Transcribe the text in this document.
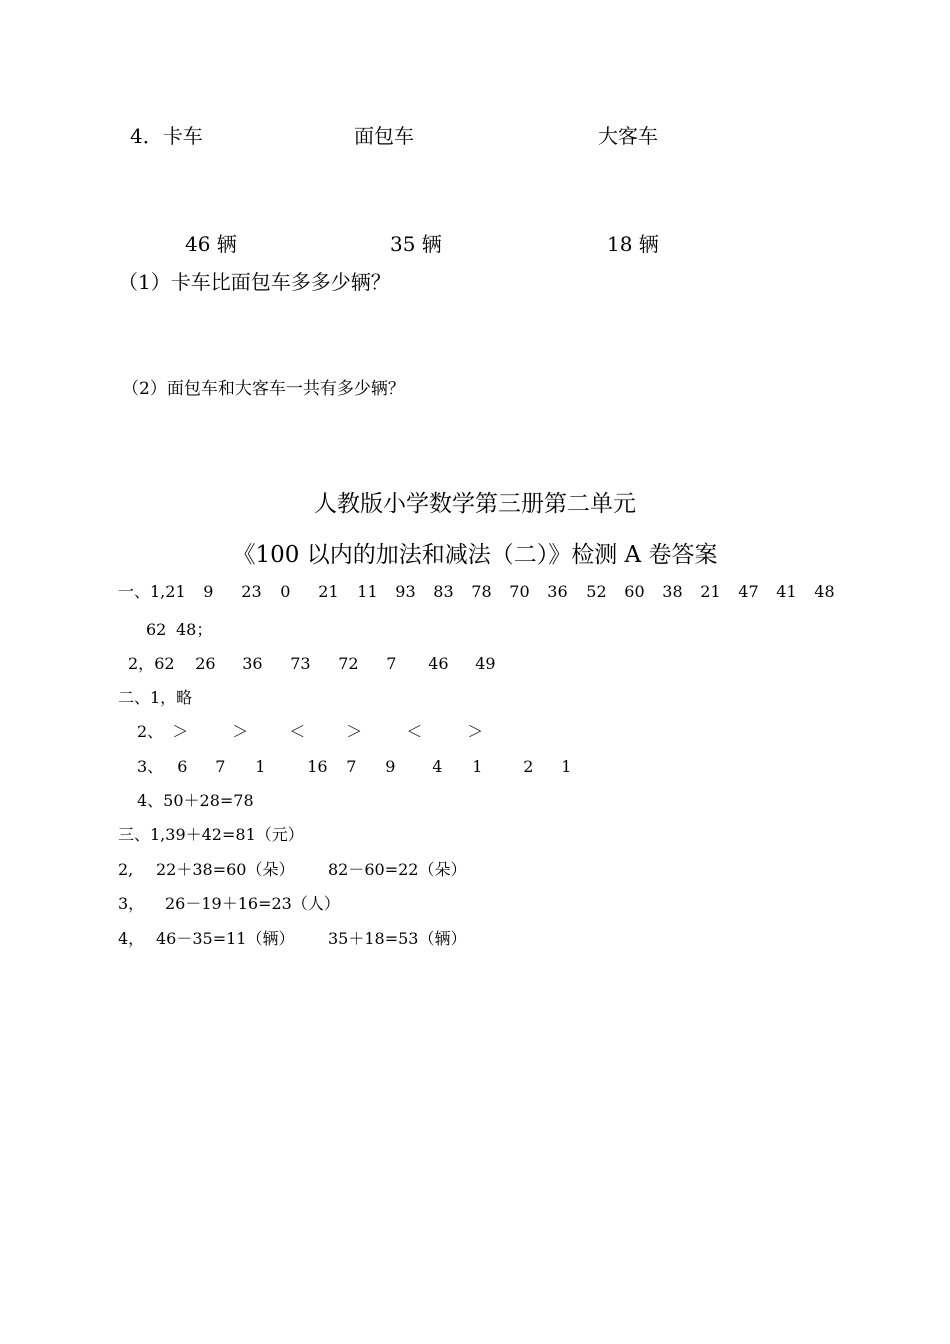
4．卡车	面包车	大客车
46 辆	35 辆	18 辆
（1）卡车比面包车多多少辆？
（2）面包车和大客车一共有多少辆？
人教版小学数学第三册第二单元
《100 以内的加法和减法（二）》检测 A 卷答案
一、1,21 9 23 0 21 11 93 83 78 70 36 52 60 38 21 47 41 48
62 48；
2，62 26 36 73 72 7 46 49
二、1，略
2、 ＞	＞	＜	＞	＜	＞
3、 6 7 1	16 7 9 4 1	2 1
4、50＋28=78
三、1,39＋42=81（元）
2, 22＋38=60（朵） 82－60=22（朵）
3， 26－19＋16=23（人）
4， 46－35=11（辆） 35＋18=53（辆）
